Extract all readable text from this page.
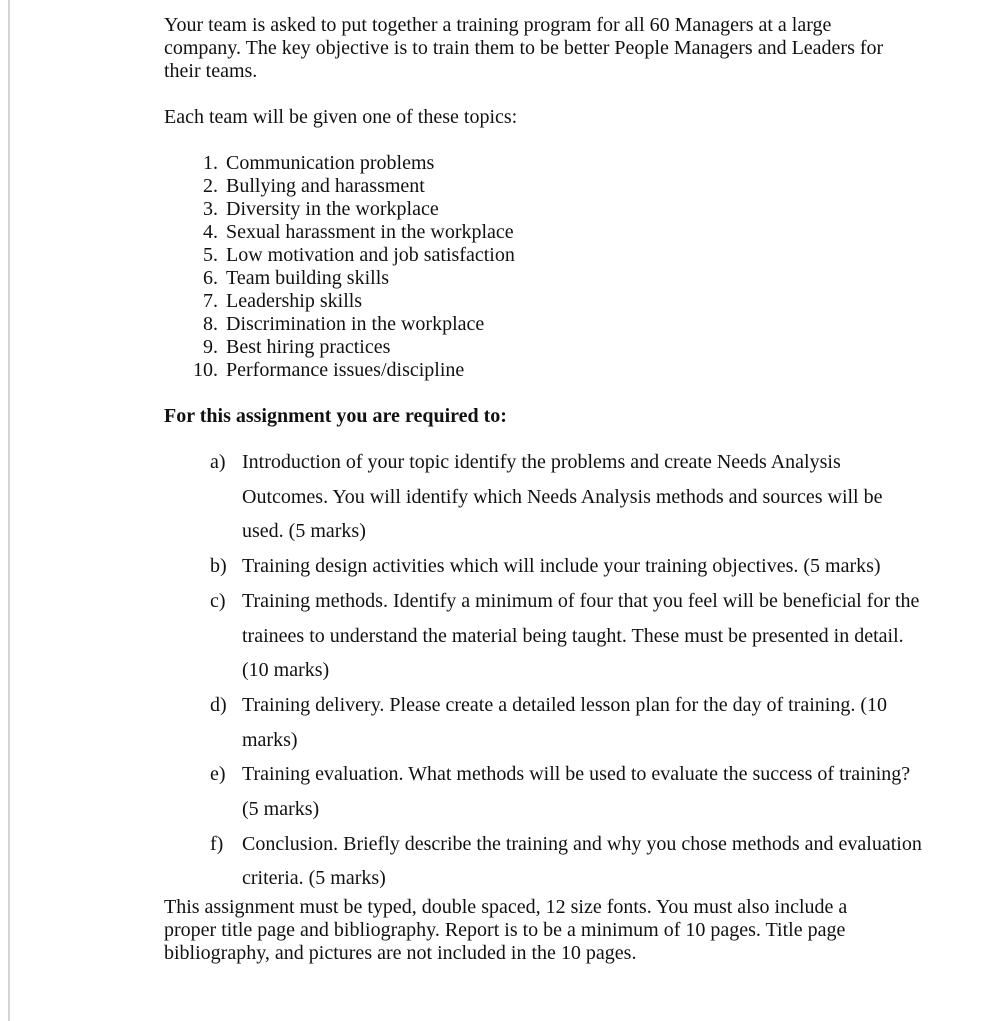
Your team is asked to put together a training program for all 60 Managers at a large company. The key objective is to train them to be better People Managers and Leaders for their teams.

Each team will be given one of these topics:

1. Communication problems
2. Bullying and harassment
3. Diversity in the workplace
4. Sexual harassment in the workplace
5. Low motivation and job satisfaction
6. Team building skills
7. Leadership skills
8. Discrimination in the workplace
9. Best hiring practices
10. Performance issues/discipline

For this assignment you are required to:

a) Introduction of your topic identify the problems and create Needs Analysis Outcomes. You will identify which Needs Analysis methods and sources will be used. (5 marks)
b) Training design activities which will include your training objectives. (5 marks)
c) Training methods. Identify a minimum of four that you feel will be beneficial for the trainees to understand the material being taught. These must be presented in detail. (10 marks)
d) Training delivery. Please create a detailed lesson plan for the day of training. (10 marks)
e) Training evaluation. What methods will be used to evaluate the success of training? (5 marks)
f) Conclusion. Briefly describe the training and why you chose methods and evaluation criteria. (5 marks)

This assignment must be typed, double spaced, 12 size fonts. You must also include a proper title page and bibliography. Report is to be a minimum of 10 pages. Title page bibliography, and pictures are not included in the 10 pages.
